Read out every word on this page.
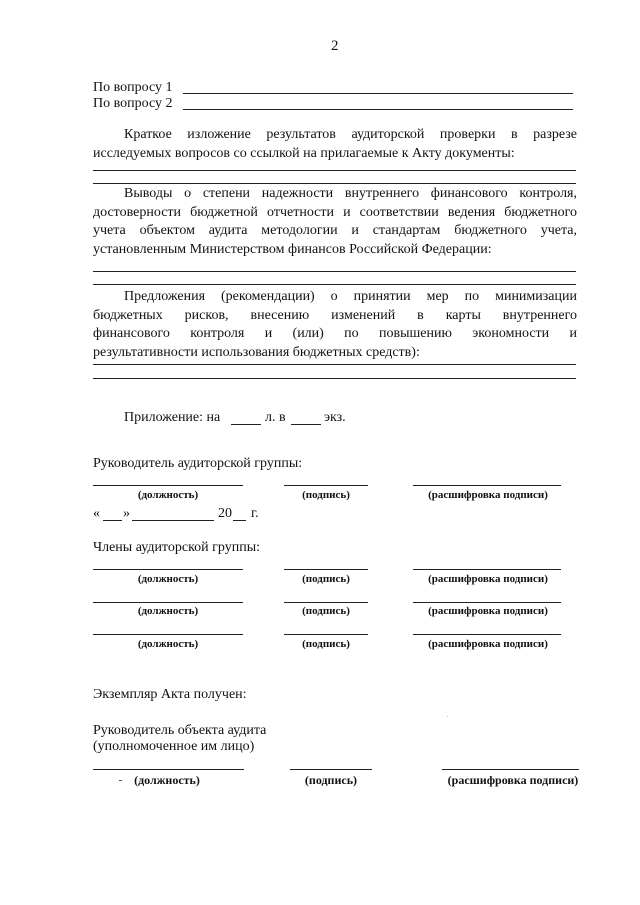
2
По вопросу 1
По вопросу 2
Краткое изложение результатов аудиторской проверки в разрезе
исследуемых вопросов со ссылкой на прилагаемые к Акту документы:
Выводы о степени надежности внутреннего финансового контроля,
достоверности бюджетной отчетности и соответствии ведения бюджетного
учета объектом аудита методологии и стандартам бюджетного учета,
установленным Министерством финансов Российской Федерации:
Предложения (рекомендации) о принятии мер по минимизации
бюджетных рисков, внесению изменений в карты внутреннего
финансового контроля и (или) по повышению экономности и
результативности использования бюджетных средств):
Приложение: на	л. в	экз.
Руководитель аудиторской группы:
(должность)	(подпись)	(расшифровка подписи)
« »	20 г.
Члены аудиторской группы:
(должность)	(подпись)	(расшифровка подписи)
(должность)	(подпись)	(расшифровка подписи)
(должность)	(подпись)	(расшифровка подписи)
Экземпляр Акта получен:
Руководитель объекта аудита
(уполномоченное им лицо)
(должность)	(подпись)	(расшифровка подписи)
